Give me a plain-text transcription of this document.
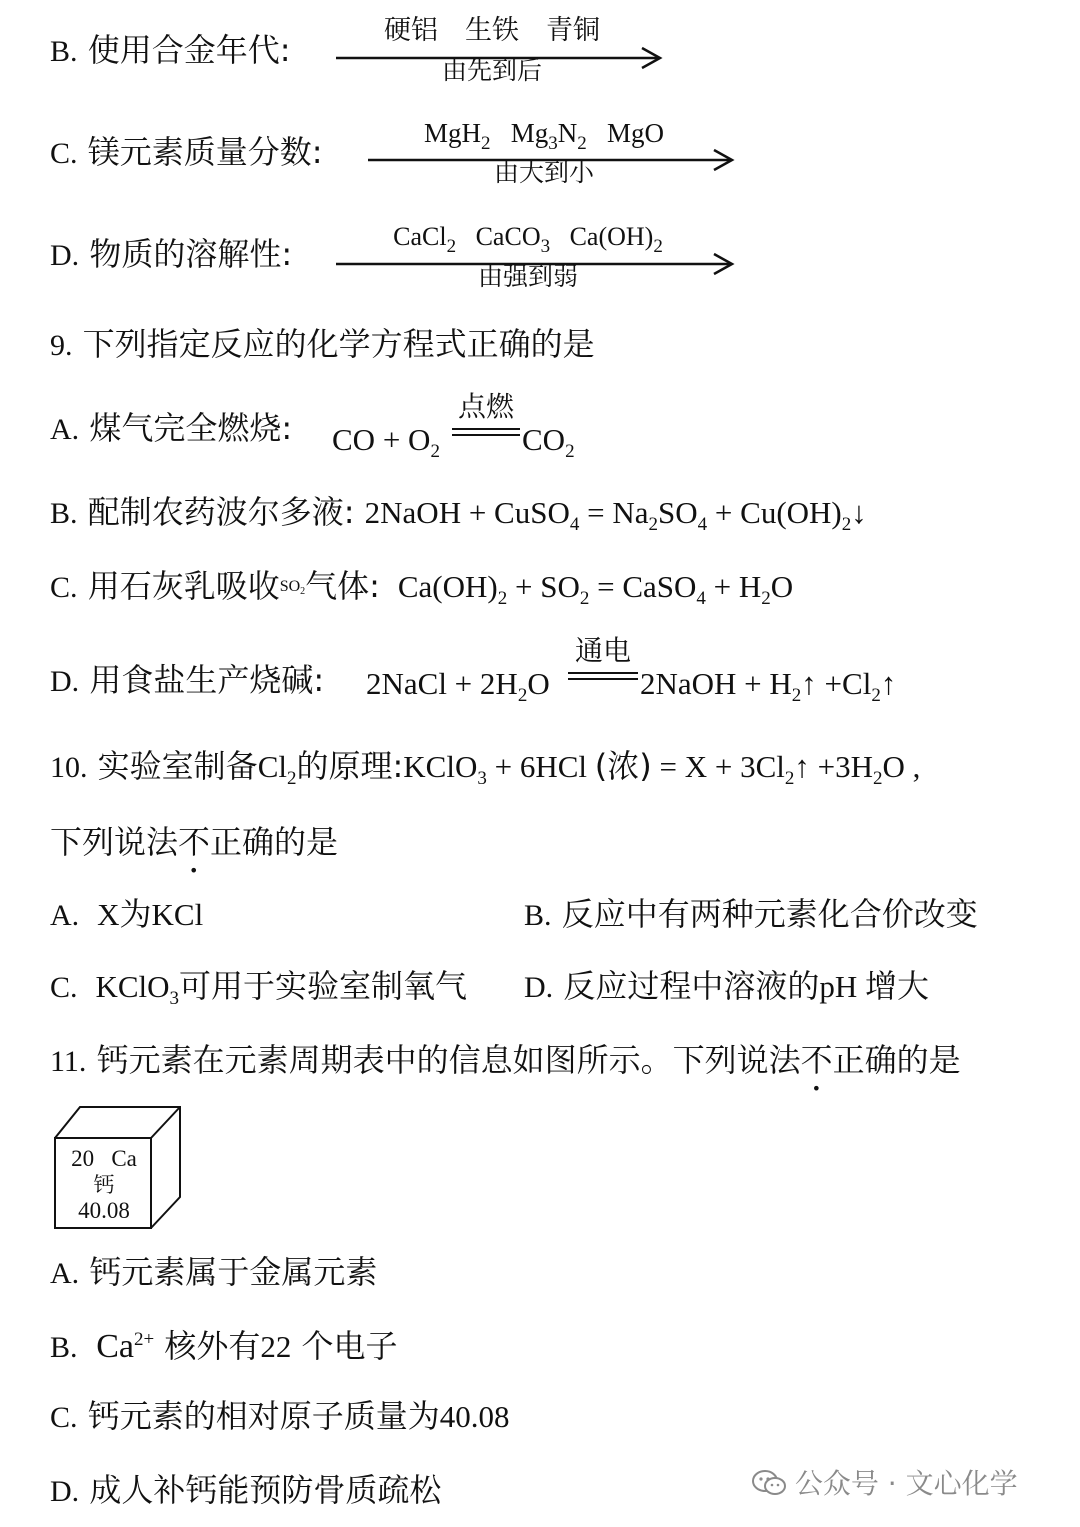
B. 使用合金年代:
硬铝　生铁　青铜
由先到后
C. 镁元素质量分数:	MgH$_2$   $Mg_3N_2$   MgO
由大到小
D. 物质的溶解性:	CaCl$_2$   CaCO$_3$   $Ca(OH)_2$
由强到弱
9. 下列指定反应的化学方程式正确的是
A. 煤气完全燃烧: CO + $O_2$
点燃
$CO_2$
B. 配制农药波尔多液: 2NaOH + CuSO$_4$ = $Na_2SO_4$ + $Cu(OH)_2↓$
C. 用石灰乳吸收$SO_2$气体:  $Ca(OH)_2 + SO_2$ = CaSO$_4$ + $H_2O$
D. 用食盐生产烧碱: 2NaCl + $2H_2O$
通电
2NaOH + $H_2↑$ $+Cl_2↑$
10. 实验室制备$Cl_2$的原理:KClO$_3$ + 6HCl (浓) = $X + 3Cl_2↑ +3H_2O$ ,
下列说法不正确的是
A.  X为KCl	B. 反应中有两种元素化合价改变
C.  KClO$_3$可用于实验室制氧气 D. 反应过程中溶液的pH 增大
11. 钙元素在元素周期表中的信息如图所示。下列说法不正确的是
20 Ca
钙
40.08
A. 钙元素属于金属元素
B.  $Ca^{2+}$ 核外有22 个电子
C. 钙元素的相对原子质量为40.08
D. 成人补钙能预防骨质疏松	公众号 · 文心化学
